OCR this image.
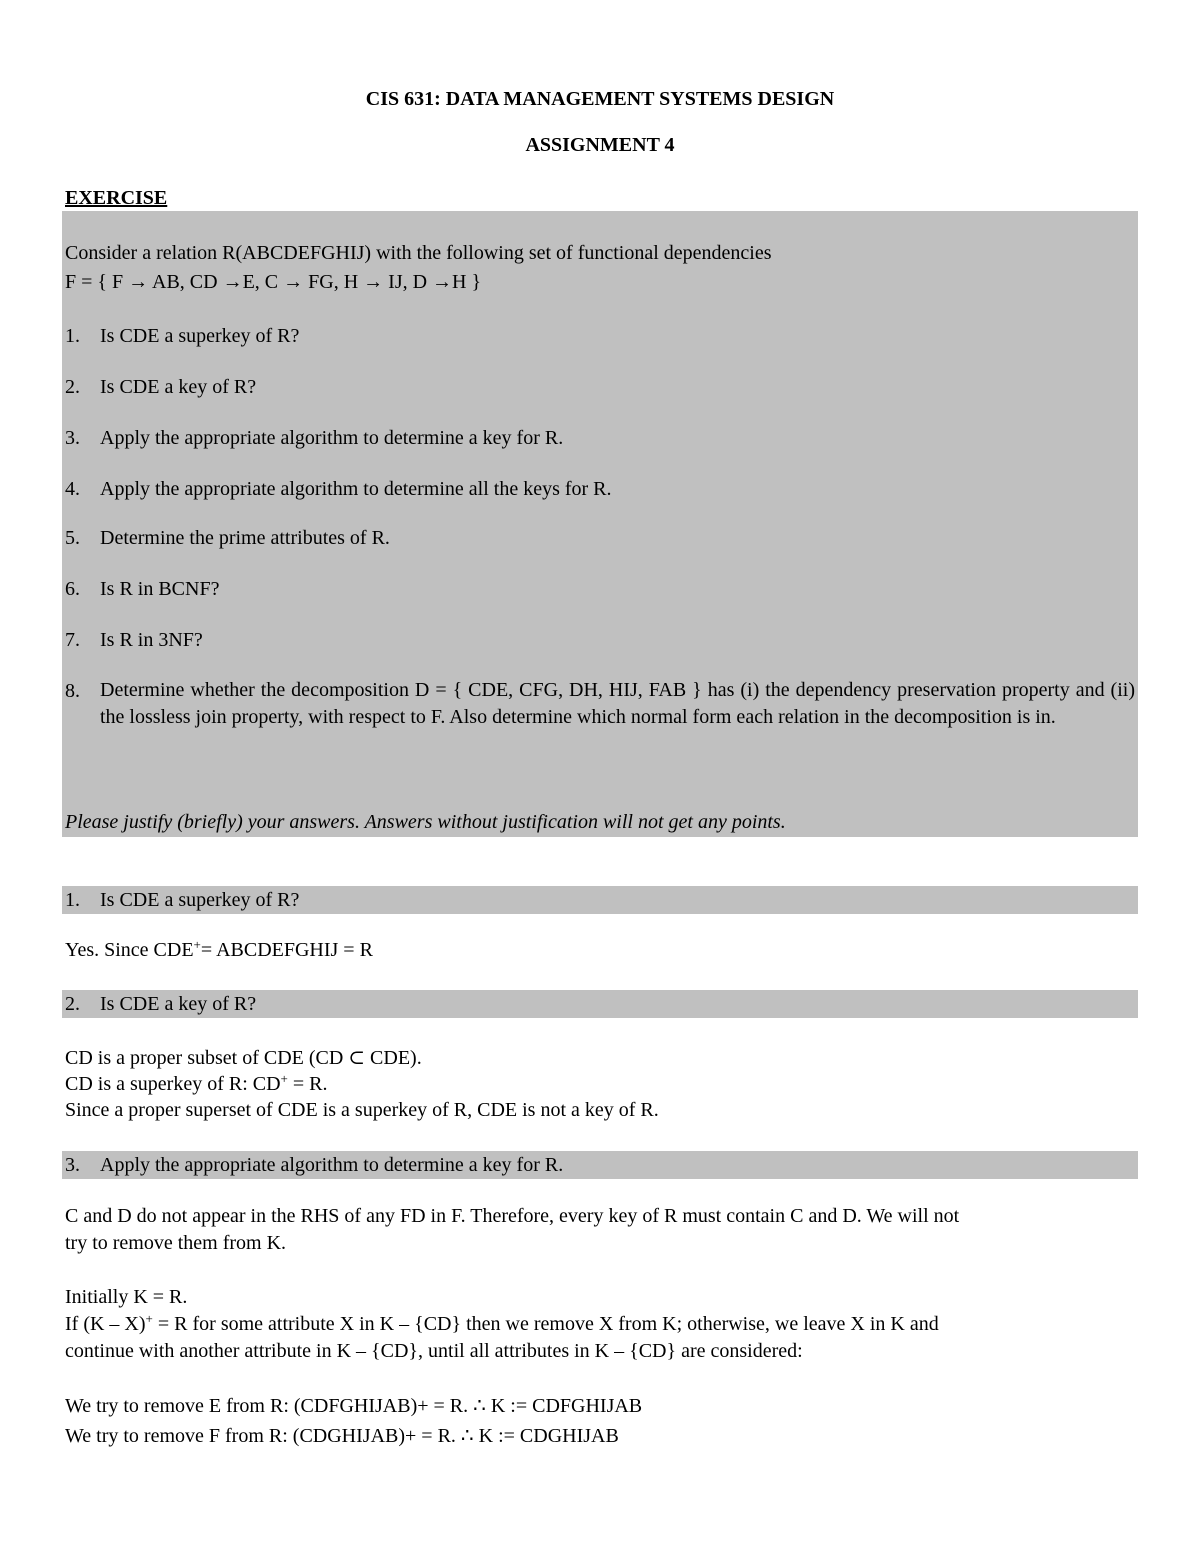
CIS 631: DATA MANAGEMENT SYSTEMS DESIGN
ASSIGNMENT 4
EXERCISE
Consider a relation R(ABCDEFGHIJ) with the following set of functional dependencies
F = { F → AB, CD →E, C → FG, H → IJ, D →H }
1. Is CDE a superkey of R?
2. Is CDE a key of R?
3. Apply the appropriate algorithm to determine a key for R.
4. Apply the appropriate algorithm to determine all the keys for R.
5. Determine the prime attributes of R.
6. Is R in BCNF?
7. Is R in 3NF?
8. Determine whether the decomposition D = { CDE, CFG, DH, HIJ, FAB } has (i) the dependency preservation property and (ii) the lossless join property, with respect to F. Also determine which normal form each relation in the decomposition is in.
Please justify (briefly) your answers. Answers without justification will not get any points.
1. Is CDE a superkey of R?
Yes. Since CDE+= ABCDEFGHIJ = R
2. Is CDE a key of R?
CD is a proper subset of CDE (CD ⊂ CDE).
CD is a superkey of R: CD+ = R.
Since a proper superset of CDE is a superkey of R, CDE is not a key of R.
3. Apply the appropriate algorithm to determine a key for R.
C and D do not appear in the RHS of any FD in F. Therefore, every key of R must contain C and D. We will not
try to remove them from K.
Initially K = R.
If (K – X)+ = R for some attribute X in K – {CD} then we remove X from K; otherwise, we leave X in K and
continue with another attribute in K – {CD}, until all attributes in K – {CD} are considered:
We try to remove E from R: (CDFGHIJAB)+ = R. ∴ K := CDFGHIJAB
We try to remove F from R: (CDGHIJAB)+ = R. ∴ K := CDGHIJAB
